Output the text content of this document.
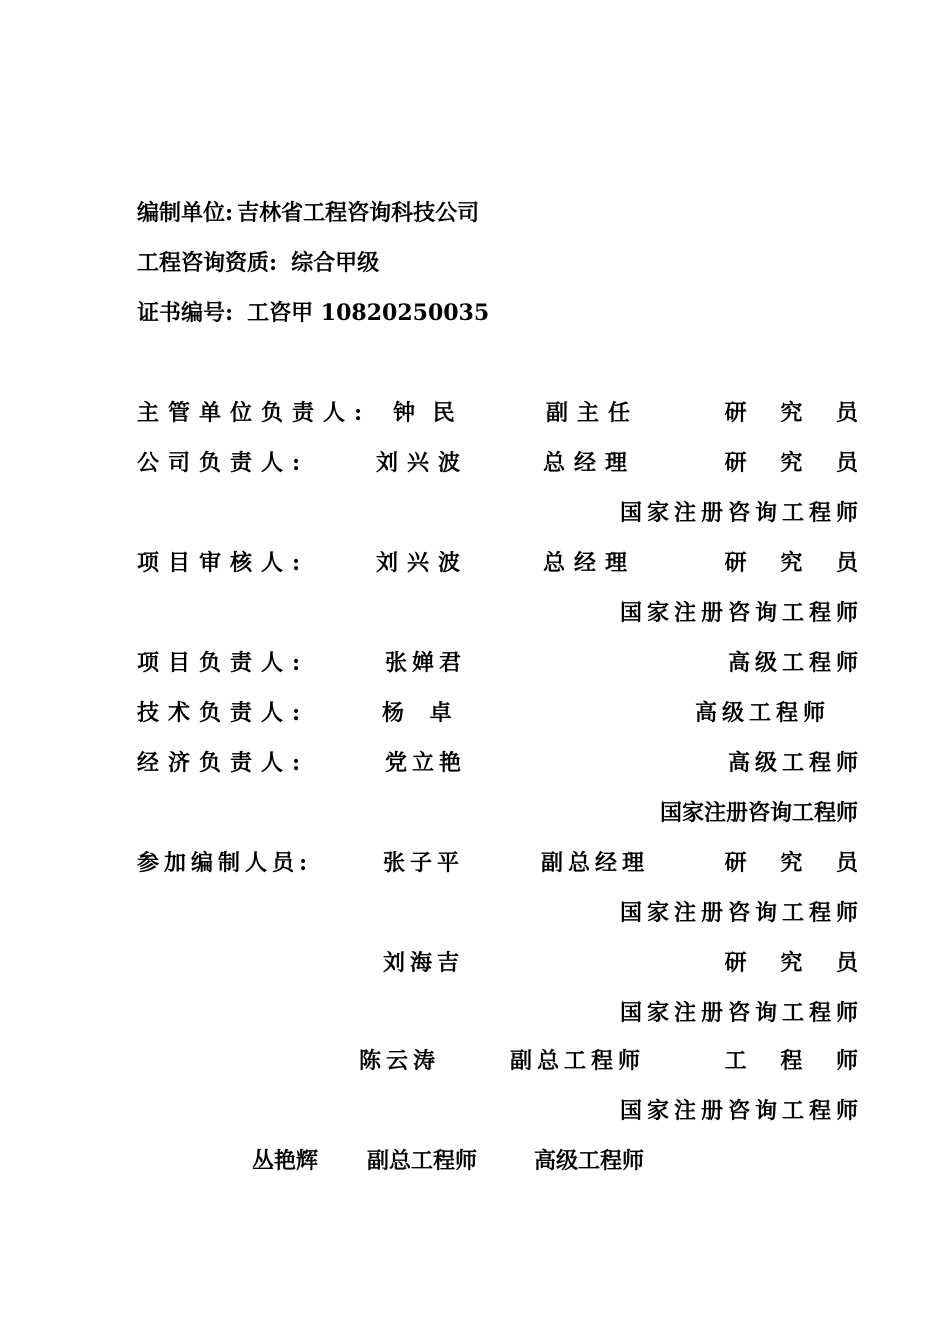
编制单位: 吉林省工程咨询科技公司
工程咨询资质: 综合甲级
证书编号: 工咨甲 10820250035
主管单位负责人: 钟 民	副主任	研 究 员
公司负责人:	刘兴波	总经理	研 究 员
国家注册咨询工程师
项目审核人:	刘兴波	总经理	研 究 员
国家注册咨询工程师
项目负责人:	张婵君	高级工程师
技术负责人:	杨 卓	高级工程师
经济负责人:	党立艳	高级工程师
国家注册咨询工程师
参加编制人员:	张子平	副总经理	研 究 员
国家注册咨询工程师
刘海吉	研 究 员
国家注册咨询工程师
陈云涛	副总工程师	工 程 师
国家注册咨询工程师
丛艳辉 副总工程师	高级工程师
